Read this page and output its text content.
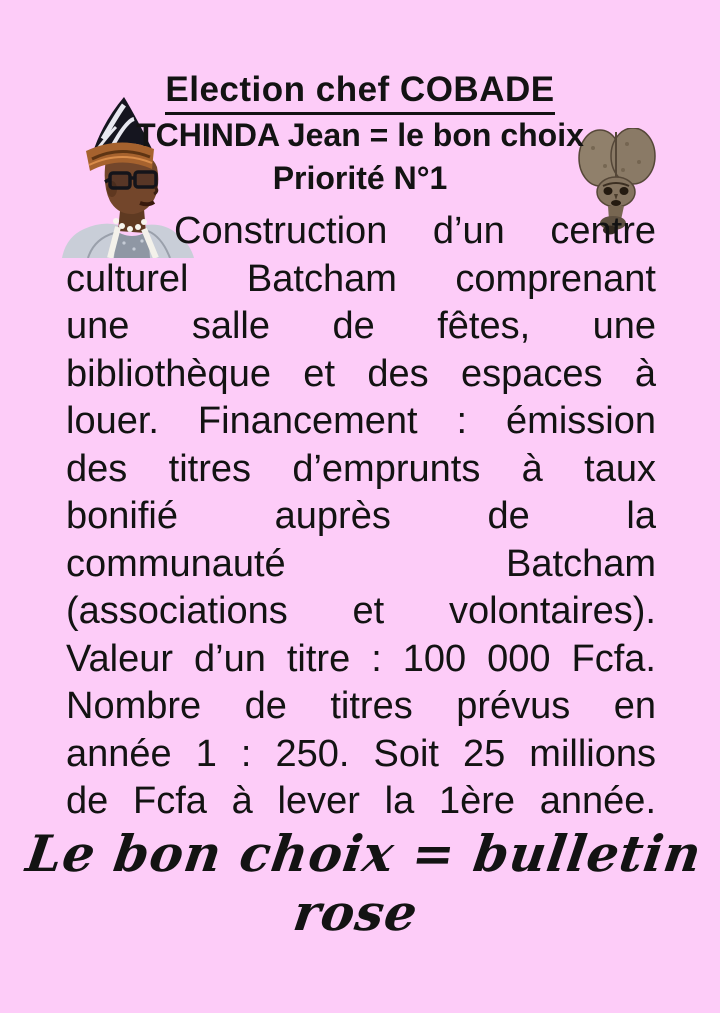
Election chef COBADE
TCHINDA Jean = le bon choix
Priorité N°1
Construction d’un centre
culturel Batcham comprenant
une salle de fêtes, une
bibliothèque et des espaces à
louer. Financement : émission
des titres d’emprunts à taux
bonifié auprès de la
communauté Batcham
(associations et volontaires).
Valeur d’un titre : 100 000 Fcfa.
Nombre de titres prévus en
année 1 : 250. Soit 25 millions
de Fcfa à lever la 1ère année.
Le bon choix = bulletin rose
